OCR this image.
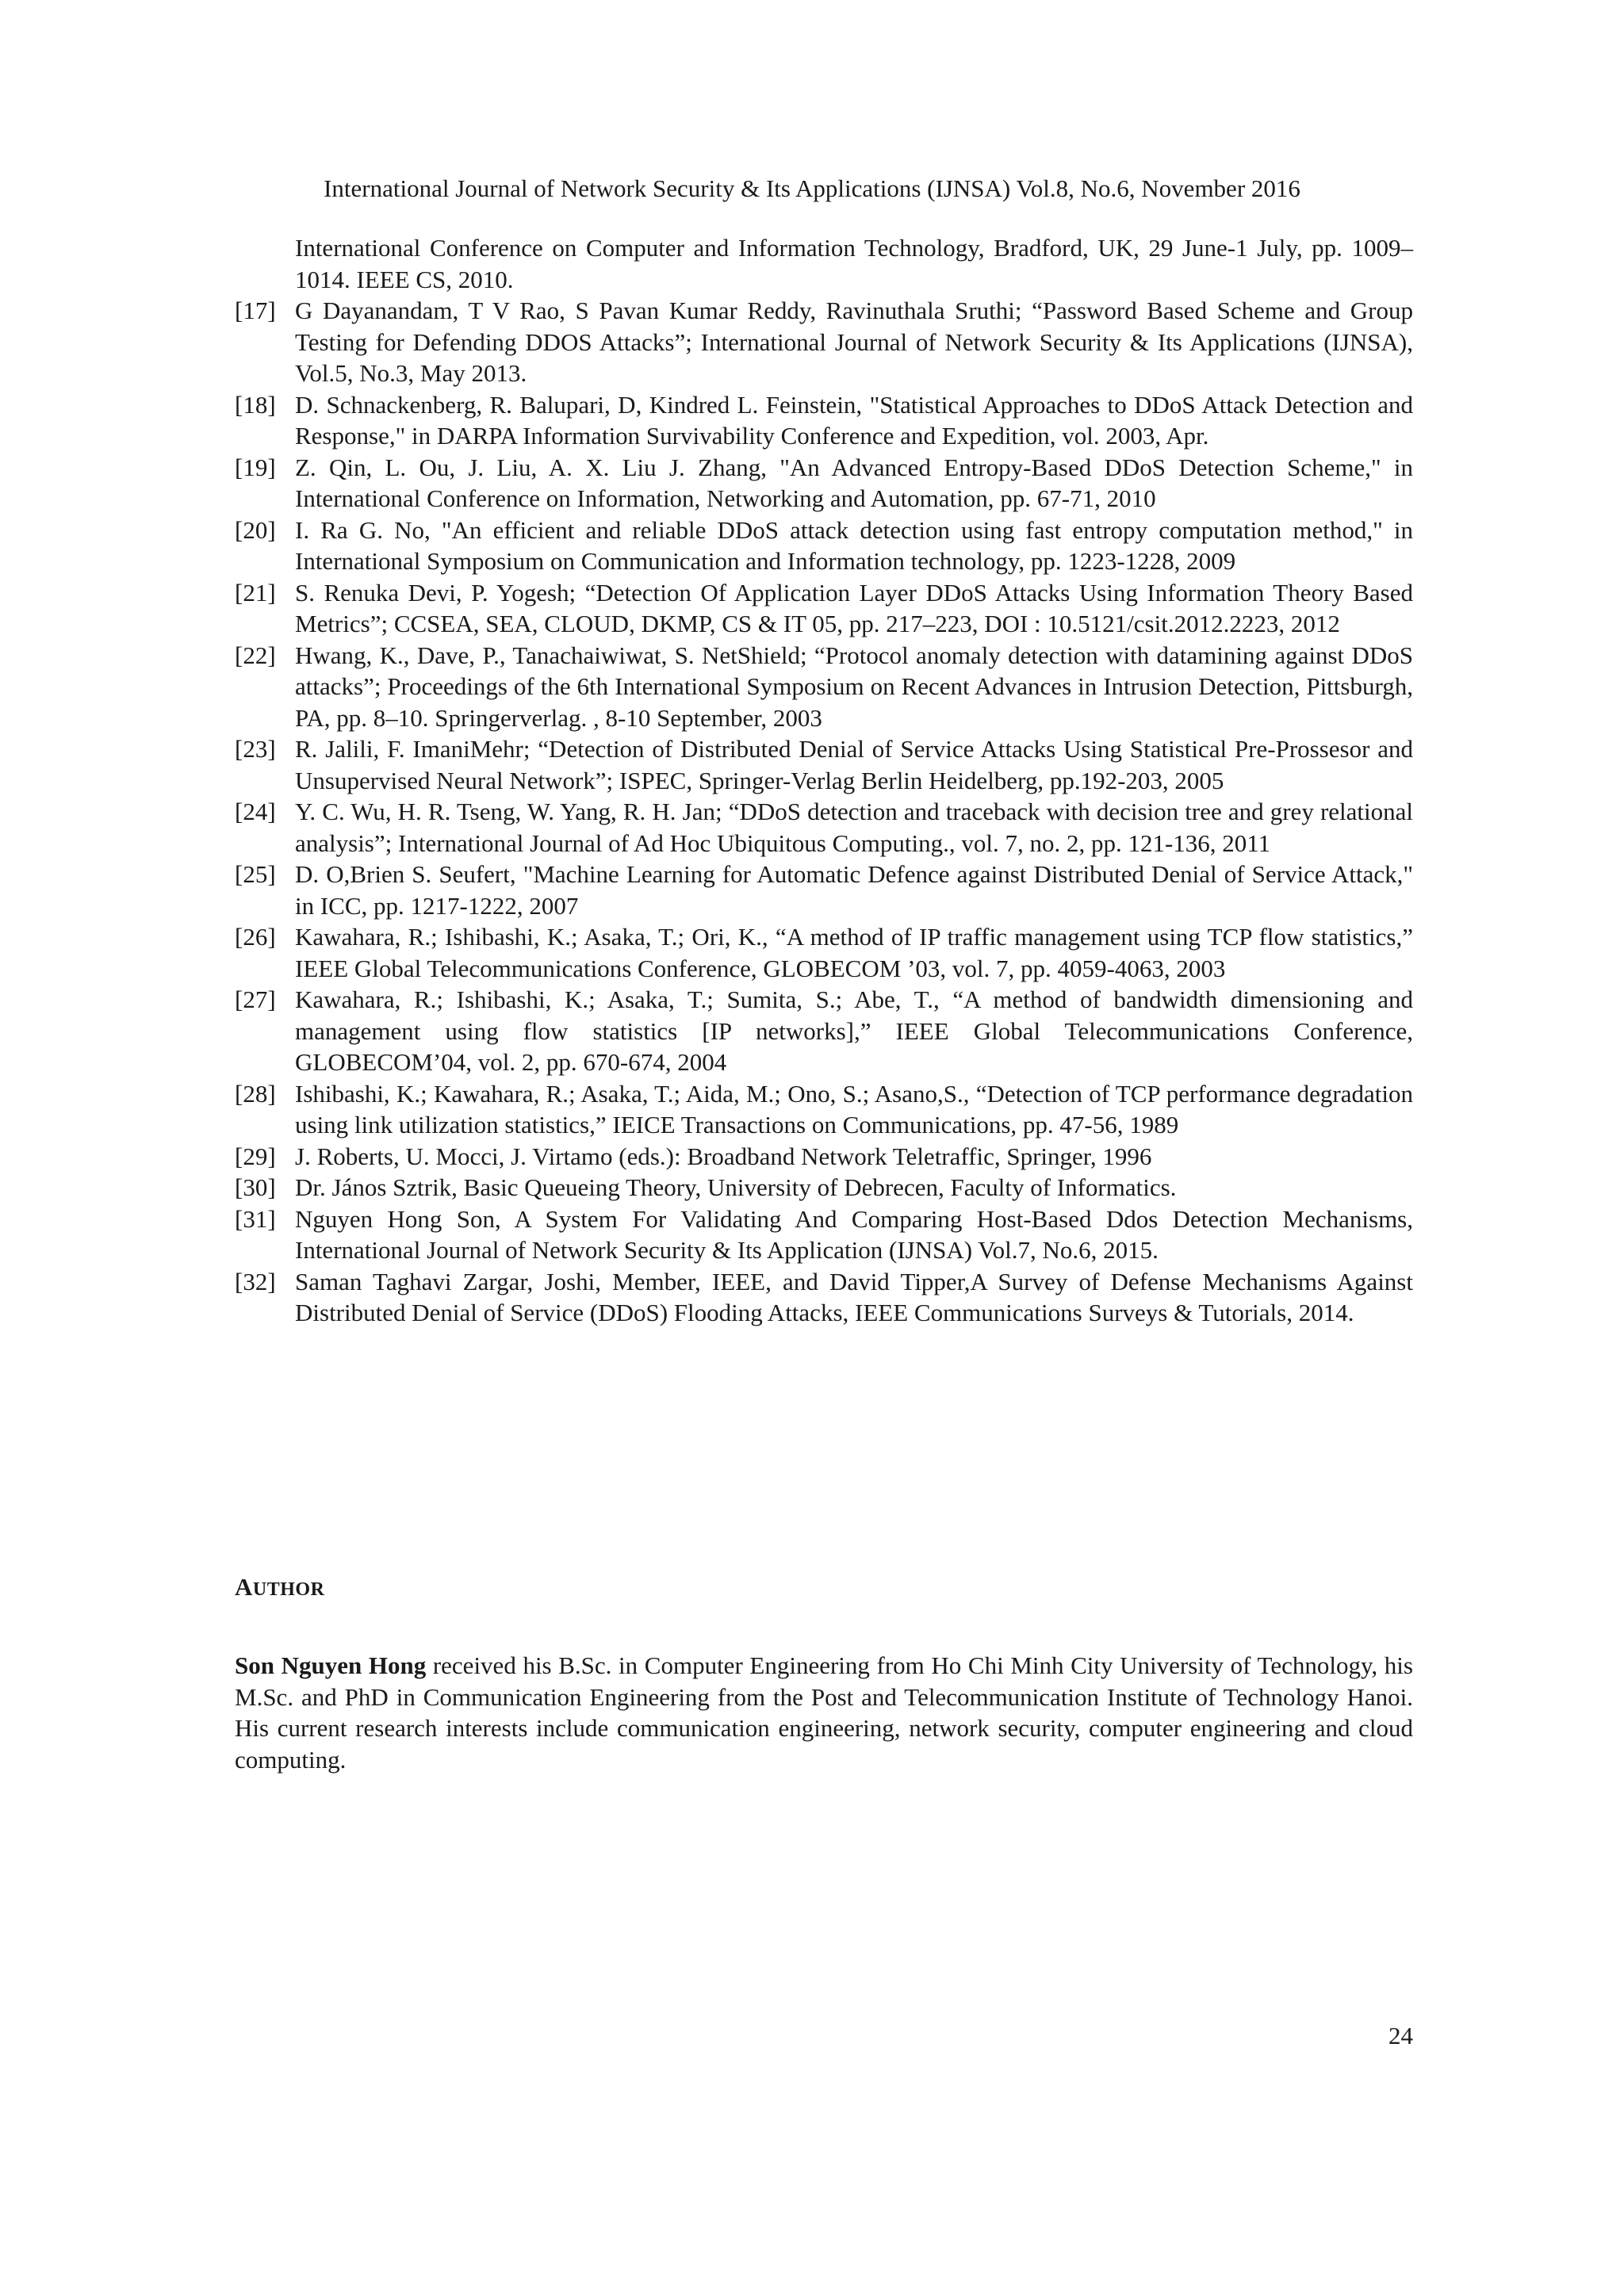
International Journal of Network Security & Its Applications (IJNSA) Vol.8, No.6, November 2016
International Conference on Computer and Information Technology, Bradford, UK, 29 June-1 July, pp. 1009–1014. IEEE CS, 2010.
[17] G Dayanandam, T V Rao, S Pavan Kumar Reddy, Ravinuthala Sruthi; “Password Based Scheme and Group Testing for Defending DDOS Attacks”; International Journal of Network Security & Its Applications (IJNSA), Vol.5, No.3, May 2013.
[18] D. Schnackenberg, R. Balupari, D, Kindred L. Feinstein, "Statistical Approaches to DDoS Attack Detection and Response," in DARPA Information Survivability Conference and Expedition, vol. 2003, Apr.
[19] Z. Qin, L. Ou, J. Liu, A. X. Liu J. Zhang, "An Advanced Entropy-Based DDoS Detection Scheme," in International Conference on Information, Networking and Automation, pp. 67-71, 2010
[20] I. Ra G. No, "An efficient and reliable DDoS attack detection using fast entropy computation method," in International Symposium on Communication and Information technology, pp. 1223-1228, 2009
[21] S. Renuka Devi, P. Yogesh; “Detection Of Application Layer DDoS Attacks Using Information Theory Based Metrics”; CCSEA, SEA, CLOUD, DKMP, CS & IT 05, pp. 217–223, DOI : 10.5121/csit.2012.2223, 2012
[22] Hwang, K., Dave, P., Tanachaiwiwat, S. NetShield; “Protocol anomaly detection with datamining against DDoS attacks”; Proceedings of the 6th International Symposium on Recent Advances in Intrusion Detection, Pittsburgh, PA, pp. 8–10. Springerverlag. , 8-10 September, 2003
[23] R. Jalili, F. ImaniMehr; “Detection of Distributed Denial of Service Attacks Using Statistical Pre-Prossesor and Unsupervised Neural Network”; ISPEC, Springer-Verlag Berlin Heidelberg, pp.192-203, 2005
[24] Y. C. Wu, H. R. Tseng, W. Yang, R. H. Jan; “DDoS detection and traceback with decision tree and grey relational analysis”; International Journal of Ad Hoc Ubiquitous Computing., vol. 7, no. 2, pp. 121-136, 2011
[25] D. O,Brien S. Seufert, "Machine Learning for Automatic Defence against Distributed Denial of Service Attack," in ICC, pp. 1217-1222, 2007
[26] Kawahara, R.; Ishibashi, K.; Asaka, T.; Ori, K., “A method of IP traffic management using TCP flow statistics,” IEEE Global Telecommunications Conference, GLOBECOM ’03, vol. 7, pp. 4059-4063, 2003
[27] Kawahara, R.; Ishibashi, K.; Asaka, T.; Sumita, S.; Abe, T., “A method of bandwidth dimensioning and management using flow statistics [IP networks],” IEEE Global Telecommunications Conference, GLOBECOM’04, vol. 2, pp. 670-674, 2004
[28] Ishibashi, K.; Kawahara, R.; Asaka, T.; Aida, M.; Ono, S.; Asano,S., “Detection of TCP performance degradation using link utilization statistics,” IEICE Transactions on Communications, pp. 47-56, 1989
[29] J. Roberts, U. Mocci, J. Virtamo (eds.): Broadband Network Teletraffic, Springer, 1996
[30] Dr. János Sztrik, Basic Queueing Theory, University of Debrecen, Faculty of Informatics.
[31] Nguyen Hong Son, A System For Validating And Comparing Host-Based Ddos Detection Mechanisms, International Journal of Network Security & Its Application (IJNSA) Vol.7, No.6, 2015.
[32] Saman Taghavi Zargar, Joshi, Member, IEEE, and David Tipper,A Survey of Defense Mechanisms Against Distributed Denial of Service (DDoS) Flooding Attacks, IEEE Communications Surveys & Tutorials, 2014.
AUTHOR
Son Nguyen Hong received his B.Sc. in Computer Engineering from Ho Chi Minh City University of Technology, his M.Sc. and PhD in Communication Engineering from the Post and Telecommunication Institute of Technology Hanoi. His current research interests include communication engineering, network security, computer engineering and cloud computing.
24
